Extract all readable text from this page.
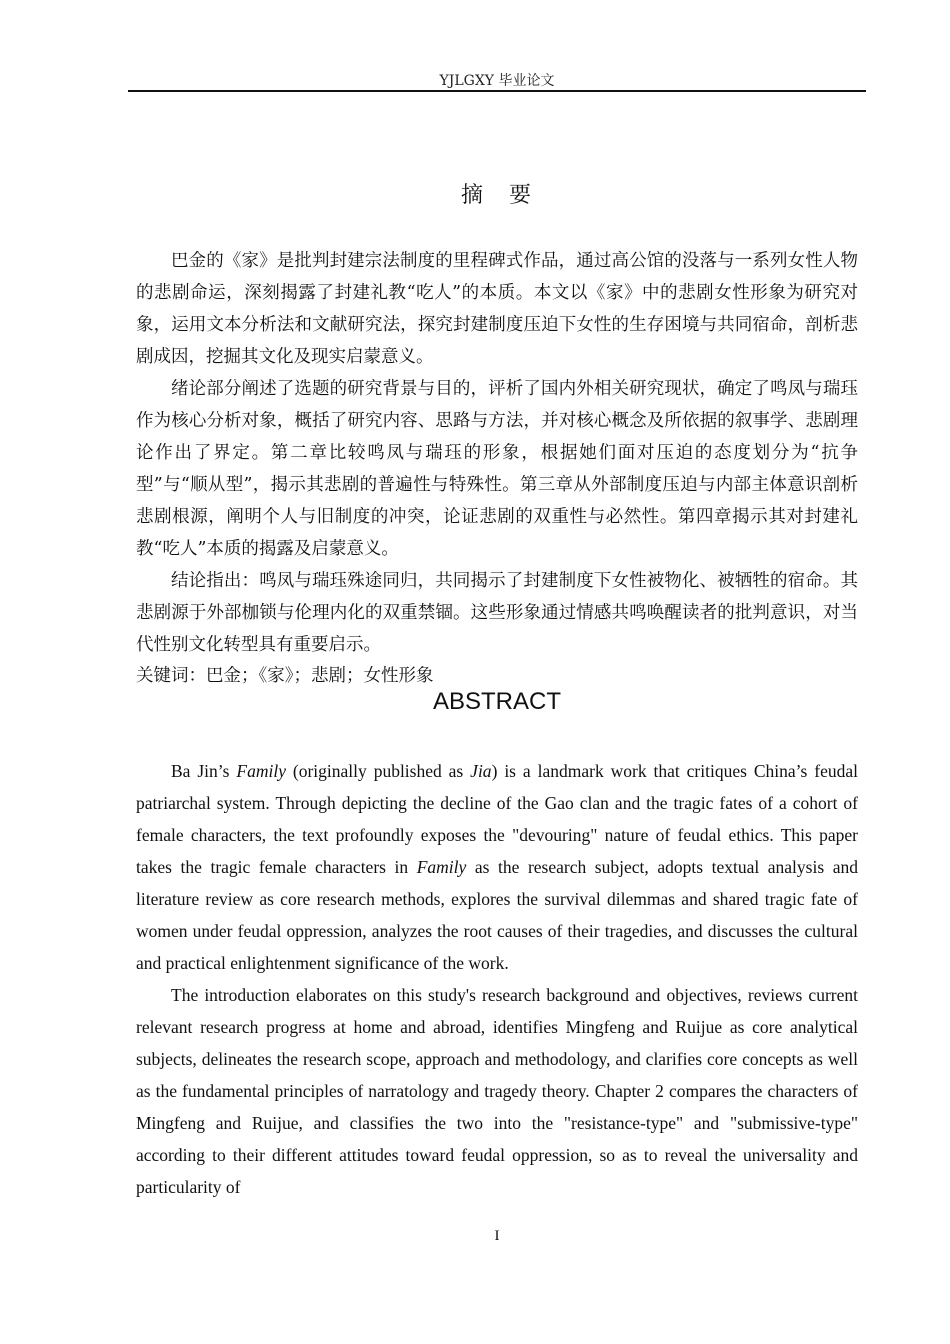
YJLGXY 毕业论文
摘　要

巴金的《家》是批判封建宗法制度的里程碑式作品，通过高公馆的没落与一系列女性人物的悲剧命运，深刻揭露了封建礼教“吃人”的本质。本文以《家》中的悲剧女性形象为研究对象，运用文本分析法和文献研究法，探究封建制度压迫下女性的生存困境与共同宿命，剖析悲剧成因，挖掘其文化及现实启蒙意义。

绪论部分阐述了选题的研究背景与目的，评析了国内外相关研究现状，确定了鸣凤与瑞珏作为核心分析对象，概括了研究内容、思路与方法，并对核心概念及所依据的叙事学、悲剧理论作出了界定。第二章比较鸣凤与瑞珏的形象，根据她们面对压迫的态度划分为“抗争型”与“顺从型”，揭示其悲剧的普遍性与特殊性。第三章从外部制度压迫与内部主体意识剖析悲剧根源，阐明个人与旧制度的冲突，论证悲剧的双重性与必然性。第四章揭示其对封建礼教“吃人”本质的揭露及启蒙意义。

结论指出：鸣凤与瑞珏殊途同归，共同揭示了封建制度下女性被物化、被牺牲的宿命。其悲剧源于外部枷锁与伦理内化的双重禁锢。这些形象通过情感共鸣唤醒读者的批判意识，对当代性别文化转型具有重要启示。

关键词：巴金；《家》；悲剧；女性形象
ABSTRACT

Ba Jin’s Family (originally published as Jia) is a landmark work that critiques China’s feudal patriarchal system. Through depicting the decline of the Gao clan and the tragic fates of a cohort of female characters, the text profoundly exposes the "devouring" nature of feudal ethics. This paper takes the tragic female characters in Family as the research subject, adopts textual analysis and literature review as core research methods, explores the survival dilemmas and shared tragic fate of women under feudal oppression, analyzes the root causes of their tragedies, and discusses the cultural and practical enlightenment significance of the work.

The introduction elaborates on this study's research background and objectives, reviews current relevant research progress at home and abroad, identifies Mingfeng and Ruijue as core analytical subjects, delineates the research scope, approach and methodology, and clarifies core concepts as well as the fundamental principles of narratology and tragedy theory. Chapter 2 compares the characters of Mingfeng and Ruijue, and classifies the two into the "resistance-type" and "submissive-type" according to their different attitudes toward feudal oppression, so as to reveal the universality and particularity of

I
